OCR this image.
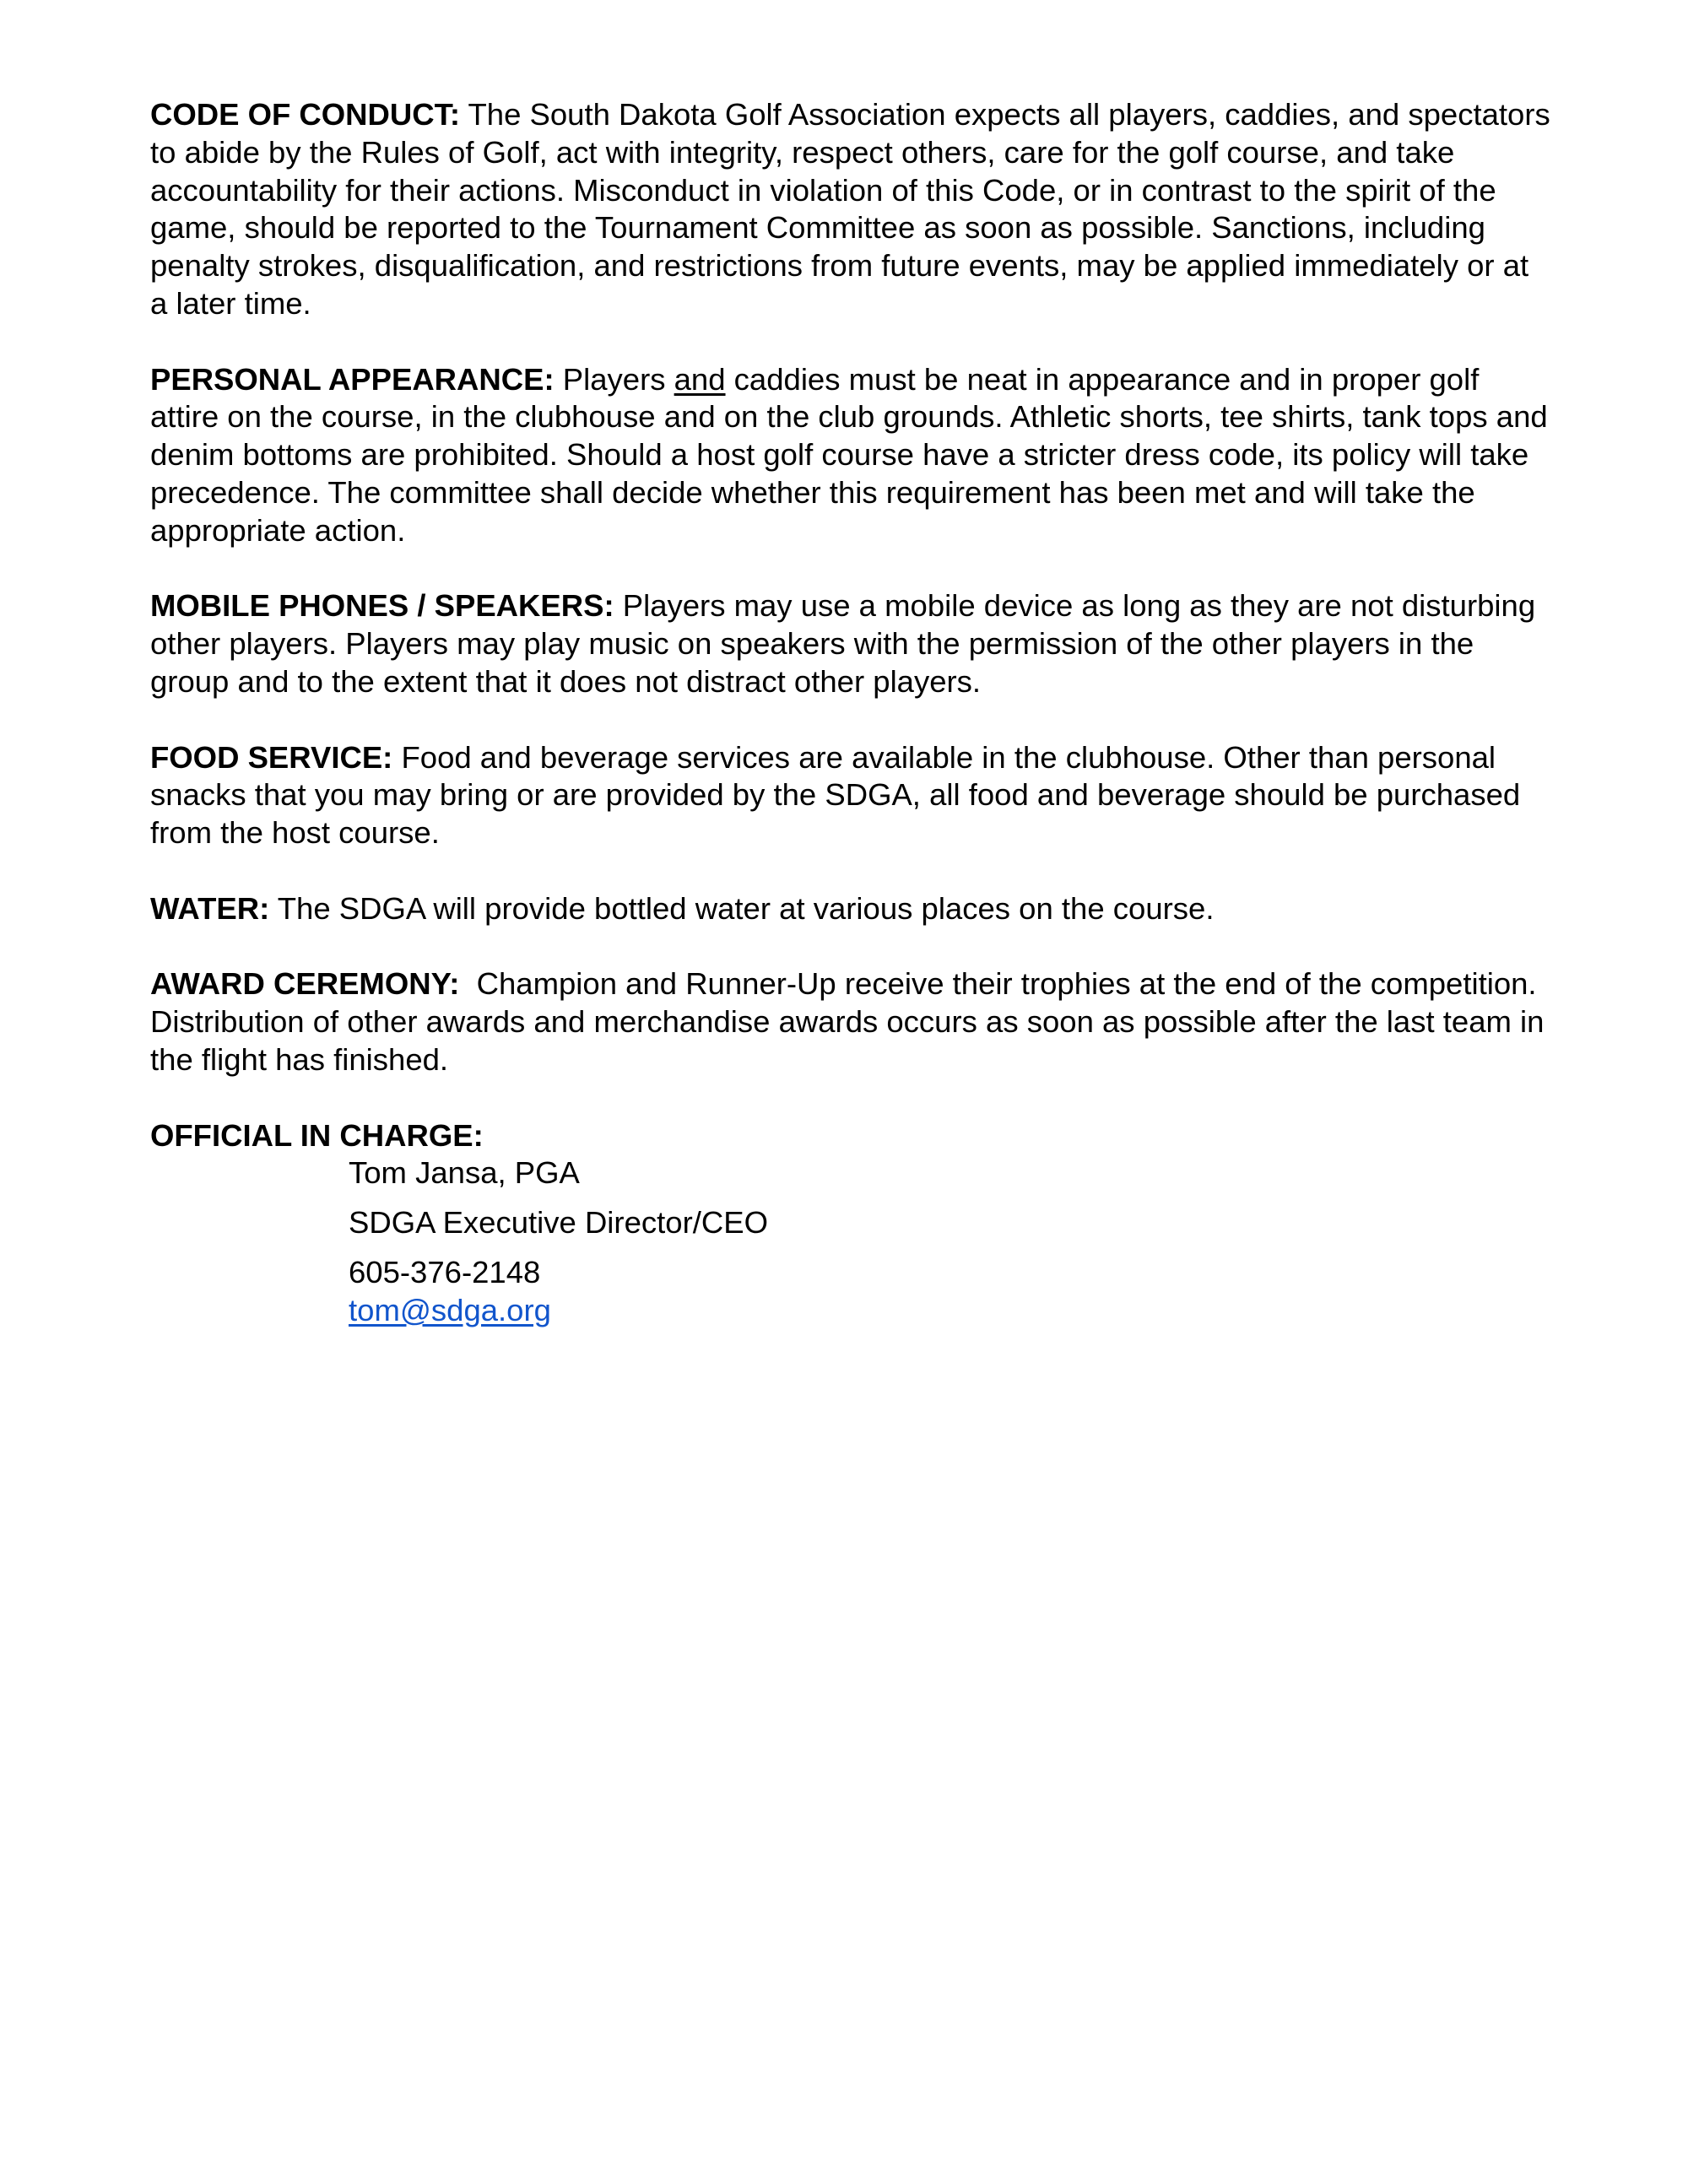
CODE OF CONDUCT: The South Dakota Golf Association expects all players, caddies, and spectators to abide by the Rules of Golf, act with integrity, respect others, care for the golf course, and take accountability for their actions. Misconduct in violation of this Code, or in contrast to the spirit of the game, should be reported to the Tournament Committee as soon as possible. Sanctions, including penalty strokes, disqualification, and restrictions from future events, may be applied immediately or at a later time.

PERSONAL APPEARANCE: Players and caddies must be neat in appearance and in proper golf attire on the course, in the clubhouse and on the club grounds. Athletic shorts, tee shirts, tank tops and denim bottoms are prohibited. Should a host golf course have a stricter dress code, its policy will take precedence. The committee shall decide whether this requirement has been met and will take the appropriate action.

MOBILE PHONES / SPEAKERS: Players may use a mobile device as long as they are not disturbing other players. Players may play music on speakers with the permission of the other players in the group and to the extent that it does not distract other players.

FOOD SERVICE: Food and beverage services are available in the clubhouse. Other than personal snacks that you may bring or are provided by the SDGA, all food and beverage should be purchased from the host course.

WATER: The SDGA will provide bottled water at various places on the course.

AWARD CEREMONY:  Champion and Runner-Up receive their trophies at the end of the competition. Distribution of other awards and merchandise awards occurs as soon as possible after the last team in the flight has finished.

OFFICIAL IN CHARGE:
Tom Jansa, PGA
SDGA Executive Director/CEO
605-376-2148
tom@sdga.org
